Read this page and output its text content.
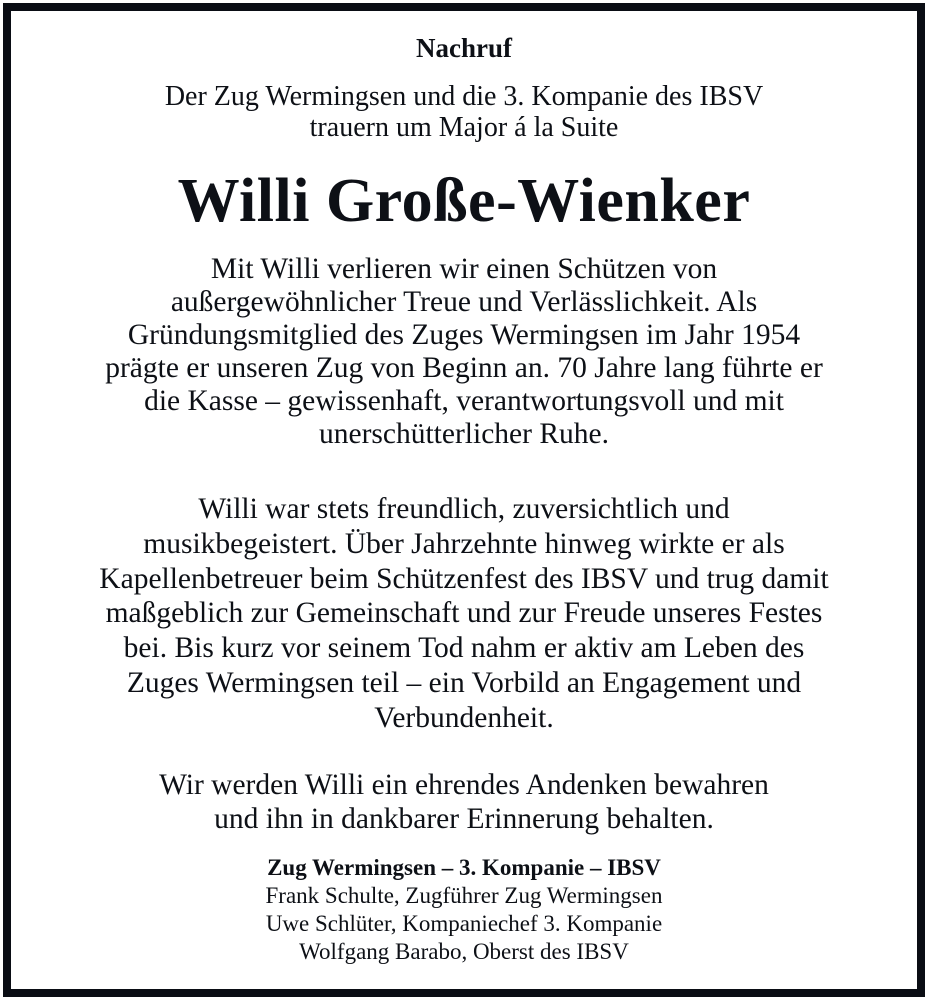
Nachruf
Der Zug Wermingsen und die 3. Kompanie des IBSV
trauern um Major á la Suite
Willi Große-Wienker
Mit Willi verlieren wir einen Schützen von
außergewöhnlicher Treue und Verlässlichkeit. Als
Gründungsmitglied des Zuges Wermingsen im Jahr 1954
prägte er unseren Zug von Beginn an. 70 Jahre lang führte er
die Kasse – gewissenhaft, verantwortungsvoll und mit
unerschütterlicher Ruhe.
Willi war stets freundlich, zuversichtlich und
musikbegeistert. Über Jahrzehnte hinweg wirkte er als
Kapellenbetreuer beim Schützenfest des IBSV und trug damit
maßgeblich zur Gemeinschaft und zur Freude unseres Festes
bei. Bis kurz vor seinem Tod nahm er aktiv am Leben des
Zuges Wermingsen teil – ein Vorbild an Engagement und
Verbundenheit.
Wir werden Willi ein ehrendes Andenken bewahren
und ihn in dankbarer Erinnerung behalten.
Zug Wermingsen – 3. Kompanie – IBSV
Frank Schulte, Zugführer Zug Wermingsen
Uwe Schlüter, Kompaniechef 3. Kompanie
Wolfgang Barabo, Oberst des IBSV
